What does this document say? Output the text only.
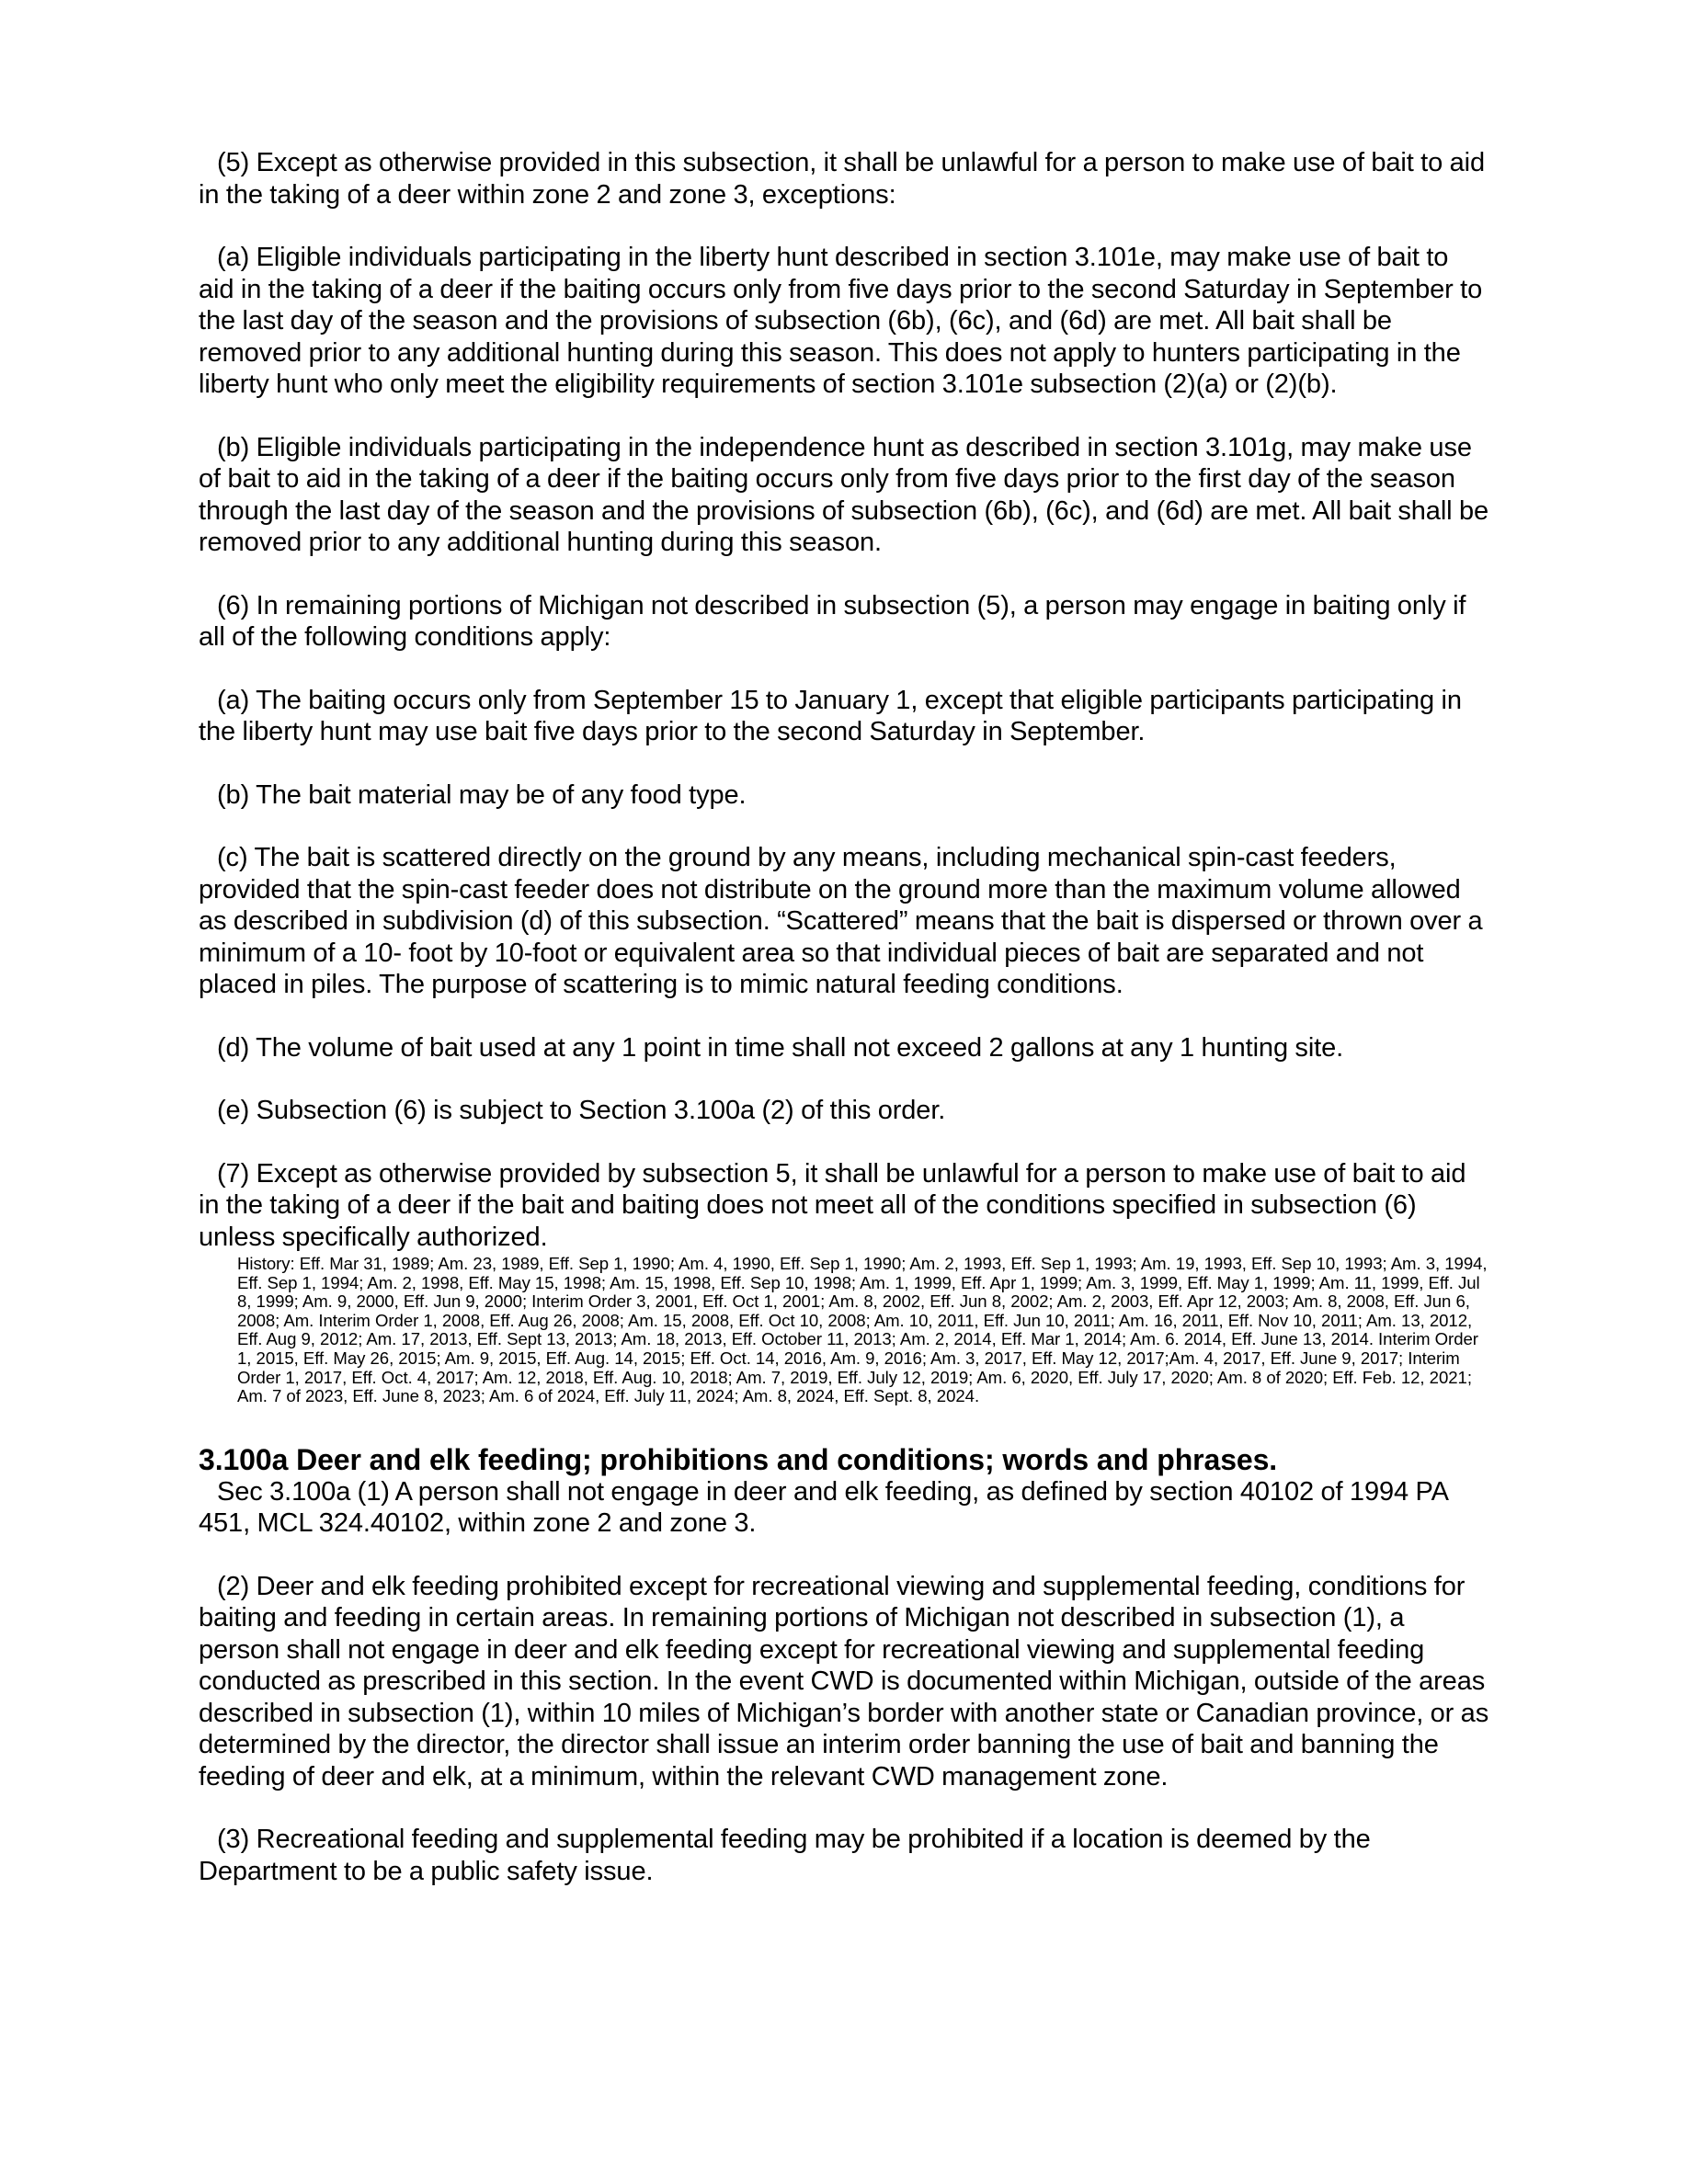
(5) Except as otherwise provided in this subsection, it shall be unlawful for a person to make use of bait to aid in the taking of a deer within zone 2 and zone 3, exceptions:

(a) Eligible individuals participating in the liberty hunt described in section 3.101e, may make use of bait to aid in the taking of a deer if the baiting occurs only from five days prior to the second Saturday in September to the last day of the season and the provisions of subsection (6b), (6c), and (6d) are met. All bait shall be removed prior to any additional hunting during this season. This does not apply to hunters participating in the liberty hunt who only meet the eligibility requirements of section 3.101e subsection (2)(a) or (2)(b).

(b) Eligible individuals participating in the independence hunt as described in section 3.101g, may make use of bait to aid in the taking of a deer if the baiting occurs only from five days prior to the first day of the season through the last day of the season and the provisions of subsection (6b), (6c), and (6d) are met. All bait shall be removed prior to any additional hunting during this season.

(6) In remaining portions of Michigan not described in subsection (5), a person may engage in baiting only if all of the following conditions apply:

(a) The baiting occurs only from September 15 to January 1, except that eligible participants participating in the liberty hunt may use bait five days prior to the second Saturday in September.

(b) The bait material may be of any food type.

(c) The bait is scattered directly on the ground by any means, including mechanical spin-cast feeders, provided that the spin-cast feeder does not distribute on the ground more than the maximum volume allowed as described in subdivision (d) of this subsection. “Scattered” means that the bait is dispersed or thrown over a minimum of a 10- foot by 10-foot or equivalent area so that individual pieces of bait are separated and not placed in piles. The purpose of scattering is to mimic natural feeding conditions.

(d) The volume of bait used at any 1 point in time shall not exceed 2 gallons at any 1 hunting site.

(e) Subsection (6) is subject to Section 3.100a (2) of this order.

(7) Except as otherwise provided by subsection 5, it shall be unlawful for a person to make use of bait to aid in the taking of a deer if the bait and baiting does not meet all of the conditions specified in subsection (6) unless specifically authorized.

History: Eff. Mar 31, 1989; Am. 23, 1989, Eff. Sep 1, 1990; Am. 4, 1990, Eff. Sep 1, 1990; Am. 2, 1993, Eff. Sep 1, 1993; Am. 19, 1993, Eff. Sep 10, 1993; Am. 3, 1994, Eff. Sep 1, 1994; Am. 2, 1998, Eff. May 15, 1998; Am. 15, 1998, Eff. Sep 10, 1998; Am. 1, 1999, Eff. Apr 1, 1999; Am. 3, 1999, Eff. May 1, 1999; Am. 11, 1999, Eff. Jul 8, 1999; Am. 9, 2000, Eff. Jun 9, 2000; Interim Order 3, 2001, Eff. Oct 1, 2001; Am. 8, 2002, Eff. Jun 8, 2002; Am. 2, 2003, Eff. Apr 12, 2003; Am. 8, 2008, Eff. Jun 6, 2008; Am. Interim Order 1, 2008, Eff. Aug 26, 2008; Am. 15, 2008, Eff. Oct 10, 2008; Am. 10, 2011, Eff. Jun 10, 2011; Am. 16, 2011, Eff. Nov 10, 2011; Am. 13, 2012, Eff. Aug 9, 2012; Am. 17, 2013, Eff. Sept 13, 2013; Am. 18, 2013, Eff. October 11, 2013; Am. 2, 2014, Eff. Mar 1, 2014; Am. 6. 2014, Eff. June 13, 2014. Interim Order 1, 2015, Eff. May 26, 2015; Am. 9, 2015, Eff. Aug. 14, 2015; Eff. Oct. 14, 2016, Am. 9, 2016; Am. 3, 2017, Eff. May 12, 2017;Am. 4, 2017, Eff. June 9, 2017; Interim Order 1, 2017, Eff. Oct. 4, 2017; Am. 12, 2018, Eff. Aug. 10, 2018; Am. 7, 2019, Eff. July 12, 2019; Am. 6, 2020, Eff. July 17, 2020; Am. 8 of 2020; Eff. Feb. 12, 2021; Am. 7 of 2023, Eff. June 8, 2023; Am. 6 of 2024, Eff. July 11, 2024; Am. 8, 2024, Eff. Sept. 8, 2024.

3.100a Deer and elk feeding; prohibitions and conditions; words and phrases.

Sec 3.100a (1) A person shall not engage in deer and elk feeding, as defined by section 40102 of 1994 PA 451, MCL 324.40102, within zone 2 and zone 3.

(2) Deer and elk feeding prohibited except for recreational viewing and supplemental feeding, conditions for baiting and feeding in certain areas. In remaining portions of Michigan not described in subsection (1), a person shall not engage in deer and elk feeding except for recreational viewing and supplemental feeding conducted as prescribed in this section. In the event CWD is documented within Michigan, outside of the areas described in subsection (1), within 10 miles of Michigan’s border with another state or Canadian province, or as determined by the director, the director shall issue an interim order banning the use of bait and banning the feeding of deer and elk, at a minimum, within the relevant CWD management zone.

(3) Recreational feeding and supplemental feeding may be prohibited if a location is deemed by the Department to be a public safety issue.
